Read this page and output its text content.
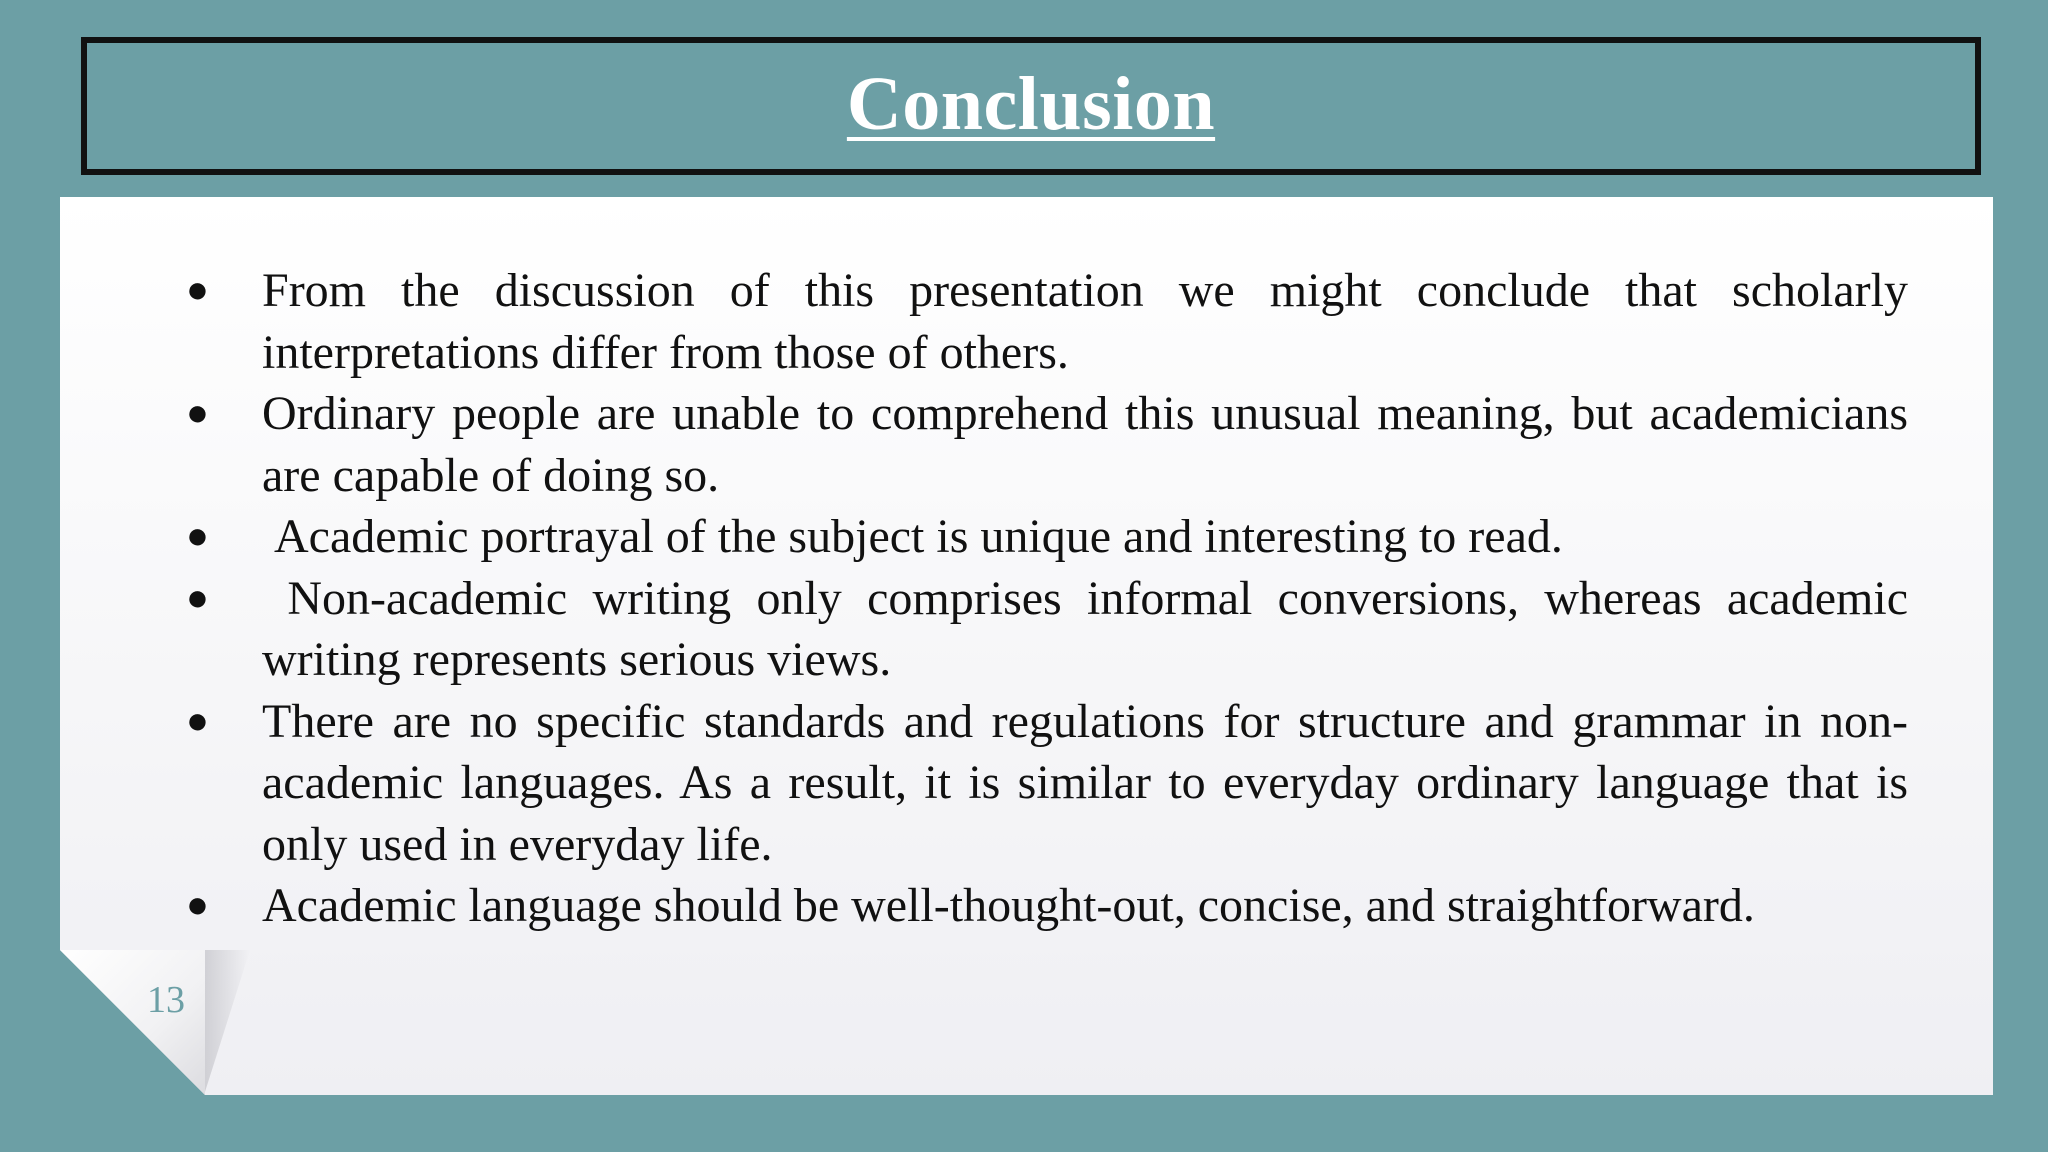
Conclusion
13
● From the discussion of this presentation we might conclude that scholarly interpretations differ from those of others.
● Ordinary people are unable to comprehend this unusual meaning, but academicians are capable of doing so.
● Academic portrayal of the subject is unique and interesting to read.
● Non-academic writing only comprises informal conversions, whereas academic writing represents serious views.
● There are no specific standards and regulations for structure and grammar in non-academic languages. As a result, it is similar to everyday ordinary language that is only used in everyday life.
● Academic language should be well-thought-out, concise, and straightforward.
